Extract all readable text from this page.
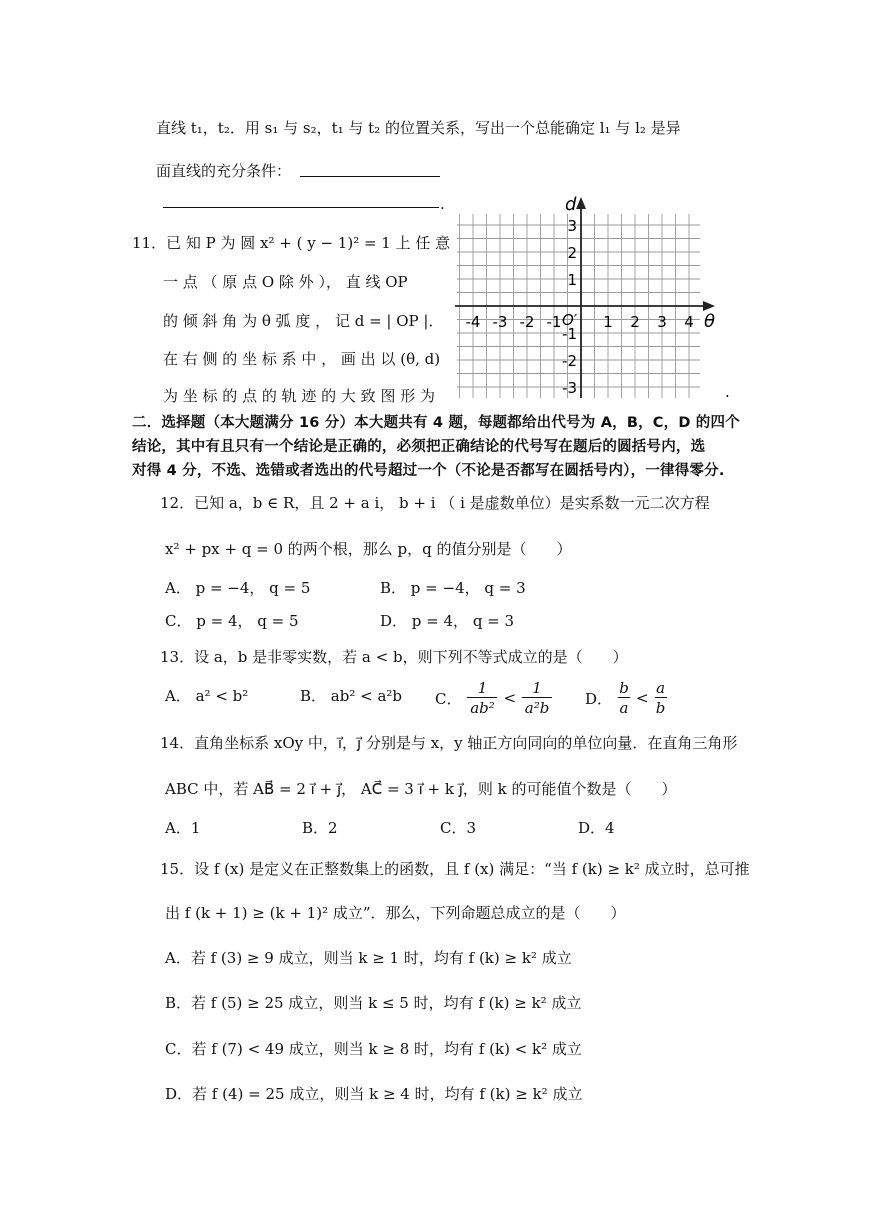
直线 t₁，t₂．用 s₁ 与 s₂，t₁ 与 t₂ 的位置关系，写出一个总能确定 l₁ 与 l₂ 是异
面直线的充分条件：
.
11．已 知 P 为 圆 x² + ( y − 1)² = 1 上 任 意
一 点 （ 原 点 O 除 外 ）， 直 线 OP
的 倾 斜 角 为 θ 弧 度 ， 记 d = | OP |．
在 右 侧 的 坐 标 系 中 ， 画 出 以 (θ, d)
为 坐 标 的 点 的 轨 迹 的 大 致 图 形 为
d
θ
O′
-4 -3 -2 -1	1 2 3 4
3
2
1
-1
-2
-3	.
二．选择题（本大题满分 16 分）本大题共有 4 题，每题都给出代号为 A，B，C，D 的四个
结论，其中有且只有一个结论是正确的，必须把正确结论的代号写在题后的圆括号内，选
对得 4 分，不选、选错或者选出的代号超过一个（不论是否都写在圆括号内），一律得零分.
12．已知 a，b ∈ R，且 2 + a i， b + i （ i 是虚数单位）是实系数一元二次方程
x² + px + q = 0 的两个根，那么 p，q 的值分别是（　　）
A． p = −4， q = 5	B． p = −4， q = 3
C． p = 4， q = 5	D． p = 4， q = 3
13．设 a，b 是非零实数，若 a < b，则下列不等式成立的是（　　）
A． a² < b²	B． ab² < a²b C．
1
ab²
<
1
a²b D．
b
a
<
a
b
14．直角坐标系 xOy 中，i⃗，j⃗ 分别是与 x，y 轴正方向同向的单位向量．在直角三角形
ABC 中，若 AB⃗ = 2 i⃗ + j⃗， AC⃗ = 3 i⃗ + k j⃗，则 k 的可能值个数是（　　）
A．1	B．2	C．3	D．4
15．设 f (x) 是定义在正整数集上的函数，且 f (x) 满足：“当 f (k) ≥ k² 成立时，总可推
出 f (k + 1) ≥ (k + 1)² 成立”．那么，下列命题总成立的是（　　）
A．若 f (3) ≥ 9 成立，则当 k ≥ 1 时，均有 f (k) ≥ k² 成立
B．若 f (5) ≥ 25 成立，则当 k ≤ 5 时，均有 f (k) ≥ k² 成立
C．若 f (7) < 49 成立，则当 k ≥ 8 时，均有 f (k) < k² 成立
D．若 f (4) = 25 成立，则当 k ≥ 4 时，均有 f (k) ≥ k² 成立
